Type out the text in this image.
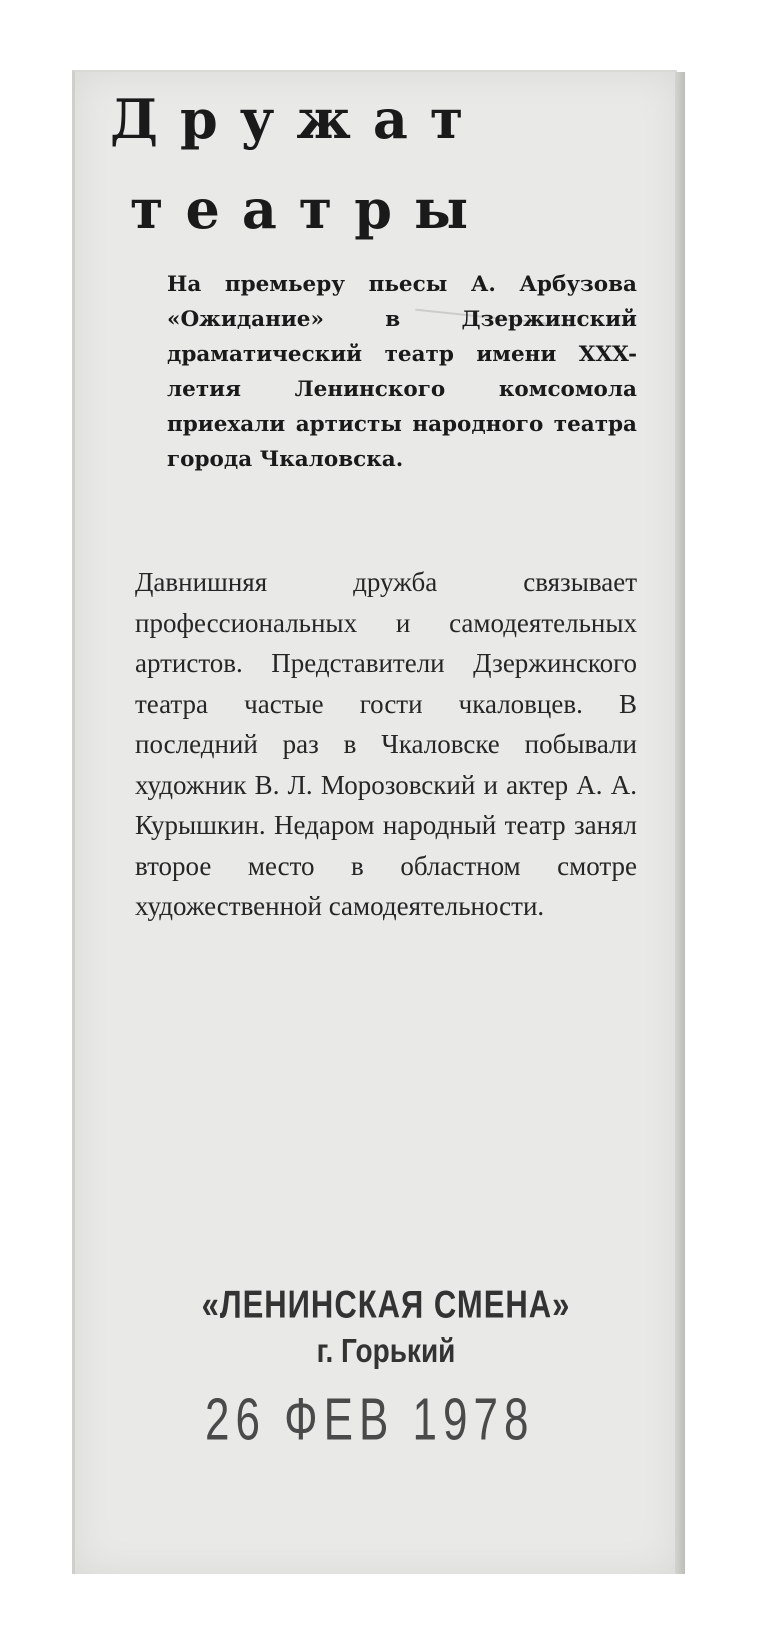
Дружат
театры

На премьеру пьесы А. Арбузова «Ожидание» в Дзержинский драматический театр имени XXX-летия Ленинского комсомола приехали артисты народного театра города Чкаловска.

Давнишняя дружба связывает профессиональных и самодеятельных артистов. Представители Дзержинского театра частые гости чкаловцев. В последний раз в Чкаловске побывали художник В. Л. Морозовский и актер А. А. Курышкин. Недаром народный театр занял второе место в областном смотре художественной самодеятельности.

«ЛЕНИНСКАЯ СМЕНА»
г. Горький
26 ФЕВ 1978
